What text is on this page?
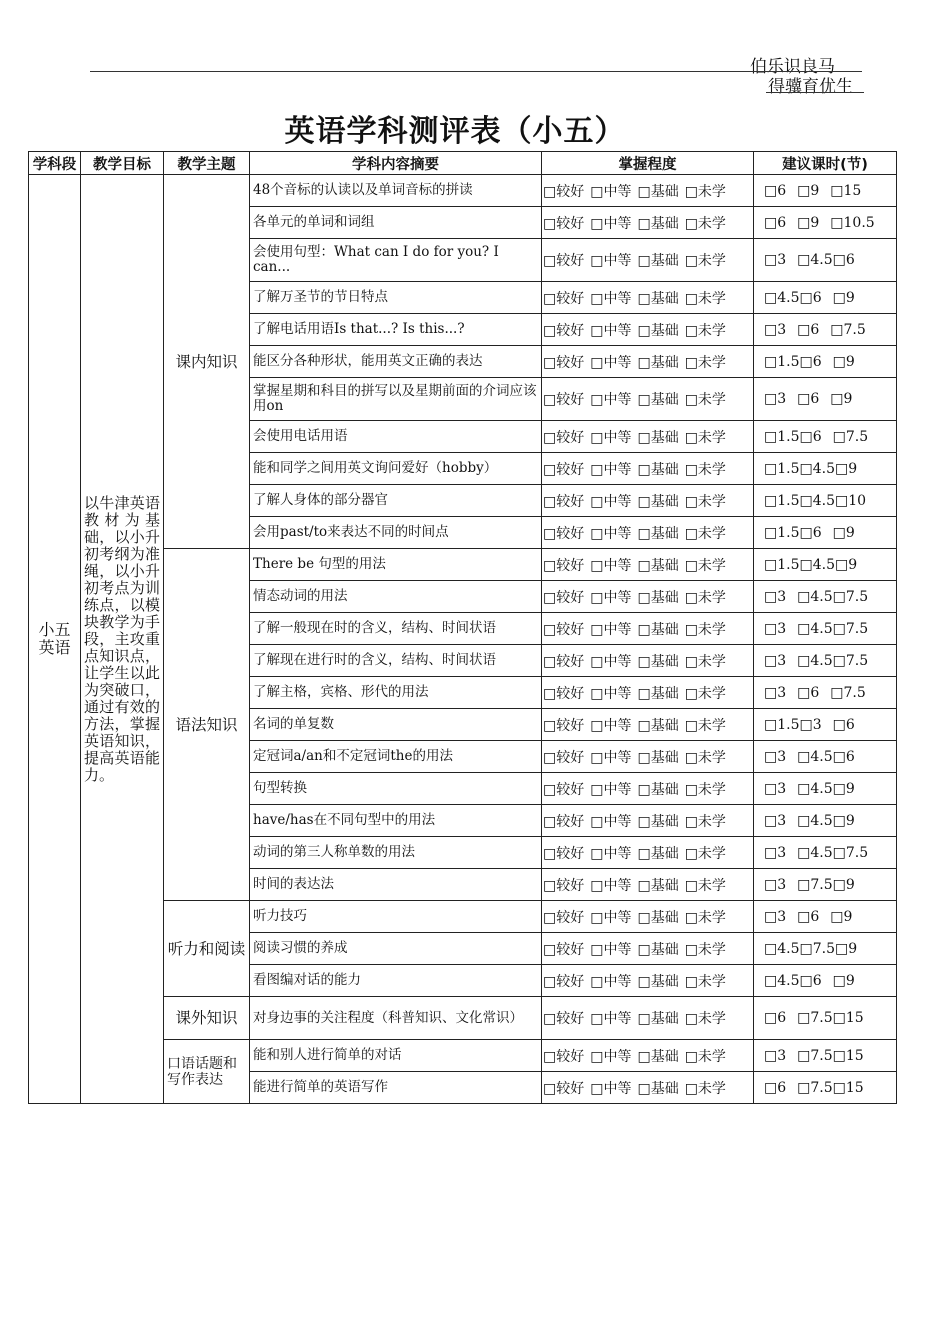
伯乐识良马
得骥育优生
英语学科测评表（小五）
学科段	教学目标	教学主题	学科内容摘要	掌握程度	建议课时(节)
小五英语	以牛津英语教材为基础，以小升初考纲为准绳，以小升初考点为训练点，以模块教学为手段，主攻重点知识点，让学生以此为突破口，通过有效的方法，掌握英语知识，提高英语能力。	课内知识	48个音标的认读以及单词音标的拼读	□较好 □中等 □基础 □未学	□6 □9 □15
			各单元的单词和词组	□较好 □中等 □基础 □未学	□6 □9 □10.5
			会使用句型：What can I do for you? I can...	□较好 □中等 □基础 □未学	□3 □4.5□6
			了解万圣节的节日特点	□较好 □中等 □基础 □未学	□4.5□6 □9
			了解电话用语Is that...? Is this...?	□较好 □中等 □基础 □未学	□3 □6 □7.5
			能区分各种形状，能用英文正确的表达	□较好 □中等 □基础 □未学	□1.5□6 □9
			掌握星期和科目的拼写以及星期前面的介词应该用on	□较好 □中等 □基础 □未学	□3 □6 □9
			会使用电话用语	□较好 □中等 □基础 □未学	□1.5□6 □7.5
			能和同学之间用英文询问爱好（hobby）	□较好 □中等 □基础 □未学	□1.5□4.5□9
			了解人身体的部分器官	□较好 □中等 □基础 □未学	□1.5□4.5□10
			会用past/to来表达不同的时间点	□较好 □中等 □基础 □未学	□1.5□6 □9
		语法知识	There be 句型的用法	□较好 □中等 □基础 □未学	□1.5□4.5□9
			情态动词的用法	□较好 □中等 □基础 □未学	□3 □4.5□7.5
			了解一般现在时的含义，结构、时间状语	□较好 □中等 □基础 □未学	□3 □4.5□7.5
			了解现在进行时的含义，结构、时间状语	□较好 □中等 □基础 □未学	□3 □4.5□7.5
			了解主格，宾格、形代的用法	□较好 □中等 □基础 □未学	□3 □6 □7.5
			名词的单复数	□较好 □中等 □基础 □未学	□1.5□3 □6
			定冠词a/an和不定冠词the的用法	□较好 □中等 □基础 □未学	□3 □4.5□6
			句型转换	□较好 □中等 □基础 □未学	□3 □4.5□9
			have/has在不同句型中的用法	□较好 □中等 □基础 □未学	□3 □4.5□9
			动词的第三人称单数的用法	□较好 □中等 □基础 □未学	□3 □4.5□7.5
			时间的表达法	□较好 □中等 □基础 □未学	□3 □7.5□9
		听力和阅读	听力技巧	□较好 □中等 □基础 □未学	□3 □6 □9
			阅读习惯的养成	□较好 □中等 □基础 □未学	□4.5□7.5□9
			看图编对话的能力	□较好 □中等 □基础 □未学	□4.5□6 □9
		课外知识	对身边事的关注程度（科普知识、文化常识）	□较好 □中等 □基础 □未学	□6 □7.5□15
		口语话题和写作表达	能和别人进行简单的对话	□较好 □中等 □基础 □未学	□3 □7.5□15
			能进行简单的英语写作	□较好 □中等 □基础 □未学	□6 □7.5□15
